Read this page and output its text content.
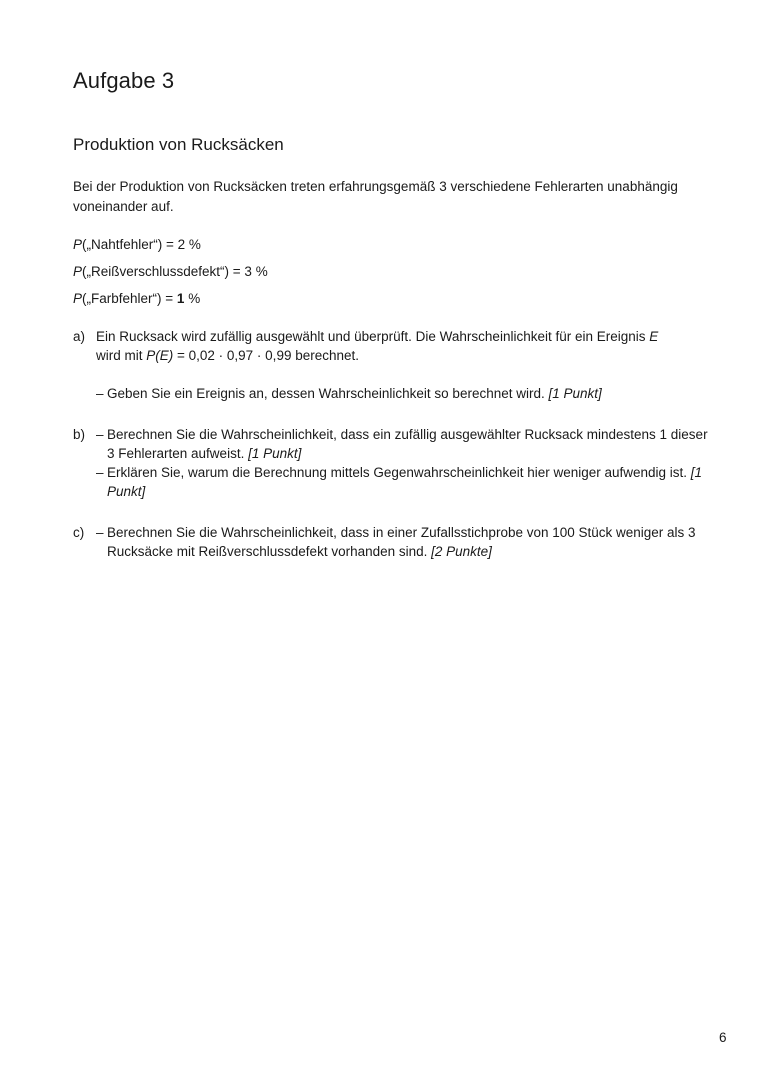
Aufgabe 3
Produktion von Rucksäcken

Bei der Produktion von Rucksäcken treten erfahrungsgemäß 3 verschiedene Fehlerarten unabhängig voneinander auf.

P(„Nahtfehler“) = 2 %
P(„Reißverschlussdefekt“) = 3 %
P(„Farbfehler“) = 1 %
a) Ein Rucksack wird zufällig ausgewählt und überprüft. Die Wahrscheinlichkeit für ein Ereignis E
wird mit P(E) = 0,02 · 0,97 · 0,99 berechnet.
– Geben Sie ein Ereignis an, dessen Wahrscheinlichkeit so berechnet wird. [1 Punkt]
b) – Berechnen Sie die Wahrscheinlichkeit, dass ein zufällig ausgewählter Rucksack mindestens 1 dieser 3 Fehlerarten aufweist. [1 Punkt]
– Erklären Sie, warum die Berechnung mittels Gegenwahrscheinlichkeit hier weniger aufwendig ist. [1 Punkt]
c) – Berechnen Sie die Wahrscheinlichkeit, dass in einer Zufallsstichprobe von 100 Stück weniger als 3 Rucksäcke mit Reißverschlussdefekt vorhanden sind. [2 Punkte]
6
